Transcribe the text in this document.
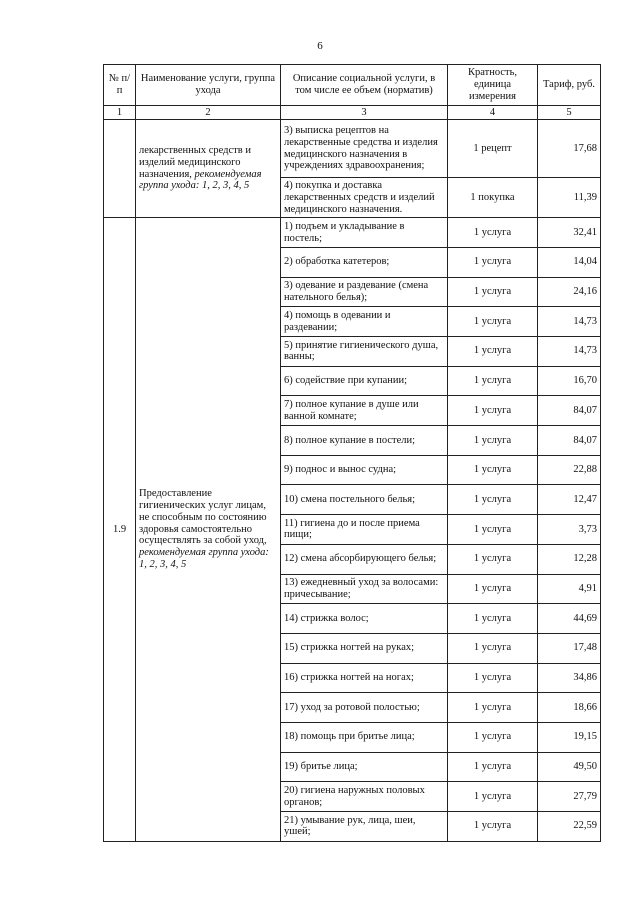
6
№ п/п	Наименование услуги, группа ухода	Описание социальной услуги, в том числе ее объем (норматив)	Кратность, единица измерения	Тариф, руб.
1	2	3	4	5
	лекарственных средств и изделий медицинского назначения, рекомендуемая группа ухода: 1, 2, 3, 4, 5	3) выписка рецептов на лекарственные средства и изделия медицинского назначения в учреждениях здравоохранения;	1 рецепт	17,68
		4) покупка и доставка лекарственных средств и изделий медицинского назначения.	1 покупка	11,39
1.9	Предоставление гигиенических услуг лицам, не способным по состоянию здоровья самостоятельно осуществлять за собой уход, рекомендуемая группа ухода: 1, 2, 3, 4, 5	1) подъем и укладывание в постель;	1 услуга	32,41
		2) обработка катетеров;	1 услуга	14,04
		3) одевание и раздевание (смена нательного белья);	1 услуга	24,16
		4) помощь в одевании и раздевании;	1 услуга	14,73
		5) принятие гигиенического душа, ванны;	1 услуга	14,73
		6) содействие при купании;	1 услуга	16,70
		7) полное купание в душе или ванной комнате;	1 услуга	84,07
		8) полное купание в постели;	1 услуга	84,07
		9) поднос и вынос судна;	1 услуга	22,88
		10) смена постельного белья;	1 услуга	12,47
		11) гигиена до и после приема пищи;	1 услуга	3,73
		12) смена абсорбирующего белья;	1 услуга	12,28
		13) ежедневный уход за волосами: причесывание;	1 услуга	4,91
		14) стрижка волос;	1 услуга	44,69
		15) стрижка ногтей на руках;	1 услуга	17,48
		16) стрижка ногтей на ногах;	1 услуга	34,86
		17) уход за ротовой полостью;	1 услуга	18,66
		18) помощь при бритье лица;	1 услуга	19,15
		19) бритье лица;	1 услуга	49,50
		20) гигиена наружных половых органов;	1 услуга	27,79
		21) умывание рук, лица, шеи, ушей;	1 услуга	22,59
